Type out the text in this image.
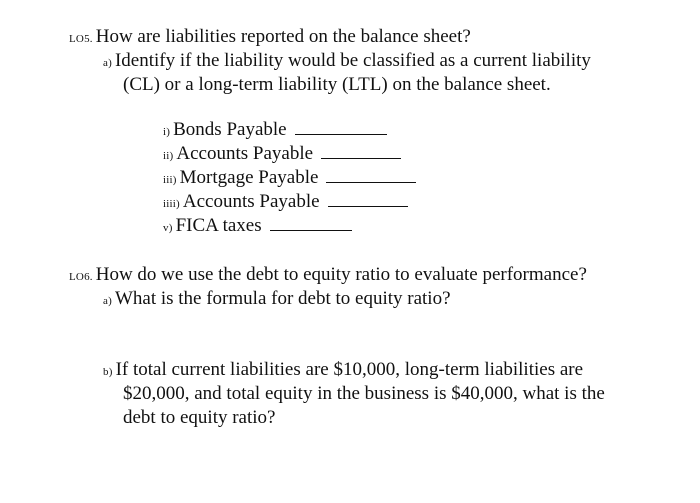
LO5. How are liabilities reported on the balance sheet?
a) Identify if the liability would be classified as a current liability
(CL) or a long-term liability (LTL) on the balance sheet.
i) Bonds Payable
ii) Accounts Payable
iii) Mortgage Payable
iiii) Accounts Payable
v) FICA taxes
LO6. How do we use the debt to equity ratio to evaluate performance?
a) What is the formula for debt to equity ratio?
b) If total current liabilities are $10,000, long-term liabilities are
$20,000, and total equity in the business is $40,000, what is the
debt to equity ratio?
